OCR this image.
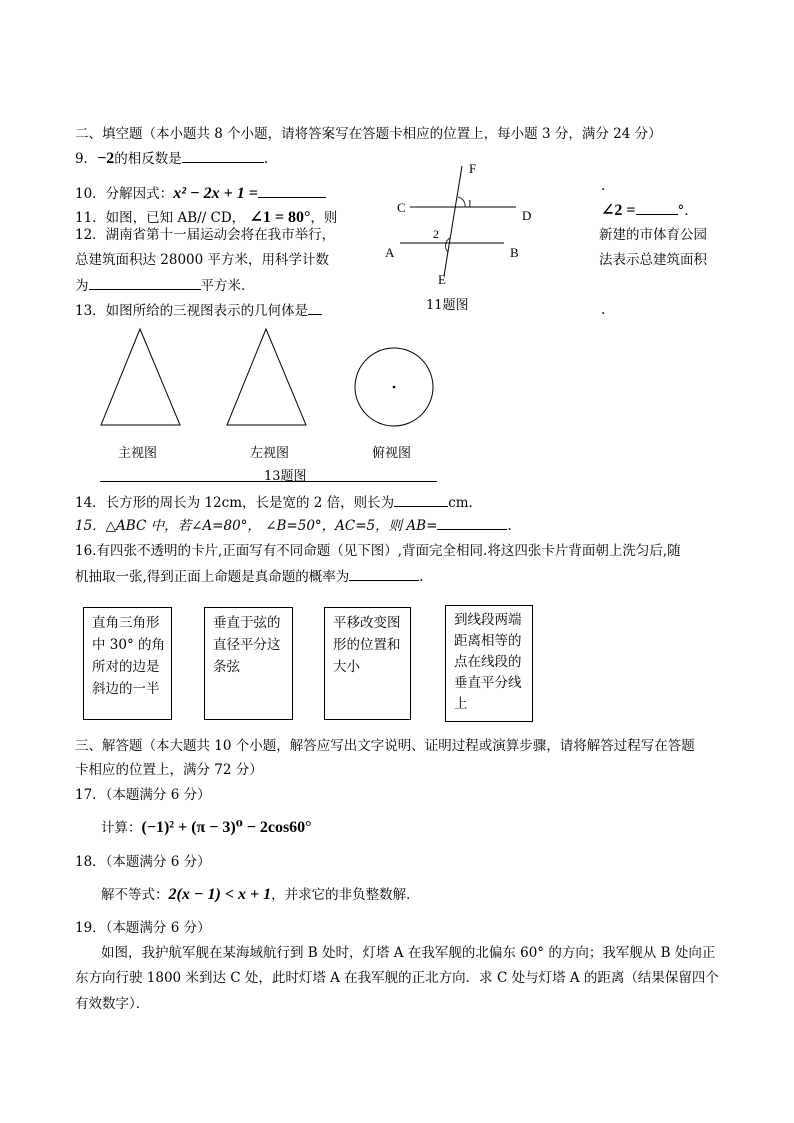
二、填空题（本小题共 8 个小题，请将答案写在答题卡相应的位置上，每小题 3 分，满分 24 分）
9．−2的相反数是	.
10．分解因式：x² − 2x + 1 =
11．如图，已知 AB// CD， ∠1 = 80°，则
.
∠2 =	°.
12．湖南省第十一届运动会将在我市举行，	新建的市体育公园
总建筑面积达 28000 平方米，用科学计数	法表示总建筑面积
为	平方米．
F
C
D
A	B
E
1
2
11题图
13．如图所给的三视图表示的几何体是	.
主视图	左视图	俯视图
13题图
14．长方形的周长为 12cm，长是宽的 2 倍，则长为	cm.
15．△ABC 中，若∠A=80°， ∠B=50°，AC=5，则 AB=	.
16.有四张不透明的卡片,正面写有不同命题（见下图）,背面完全相同.将这四张卡片背面朝上洗匀后,随
机抽取一张,得到正面上命题是真命题的概率为	.
直角三角形
中 30° 的角
所对的边是
斜边的一半
垂直于弦的
直径平分这
条弦
平移改变图
形的位置和
大小
到线段两端
距离相等的
点在线段的
垂直平分线
上
三、解答题（本大题共 10 个小题，解答应写出文字说明、证明过程或演算步骤，请将解答过程写在答题
卡相应的位置上，满分 72 分）
17．（本题满分 6 分）
计算：(−1)² + (π − 3)⁰ − 2cos60°
18．（本题满分 6 分）
解不等式：2(x − 1) < x + 1，并求它的非负整数解．
19．（本题满分 6 分）
如图，我护航军舰在某海域航行到 B 处时，灯塔 A 在我军舰的北偏东 60° 的方向；我军舰从 B 处向正
东方向行驶 1800 米到达 C 处，此时灯塔 A 在我军舰的正北方向．求 C 处与灯塔 A 的距离（结果保留四个
有效数字）．
